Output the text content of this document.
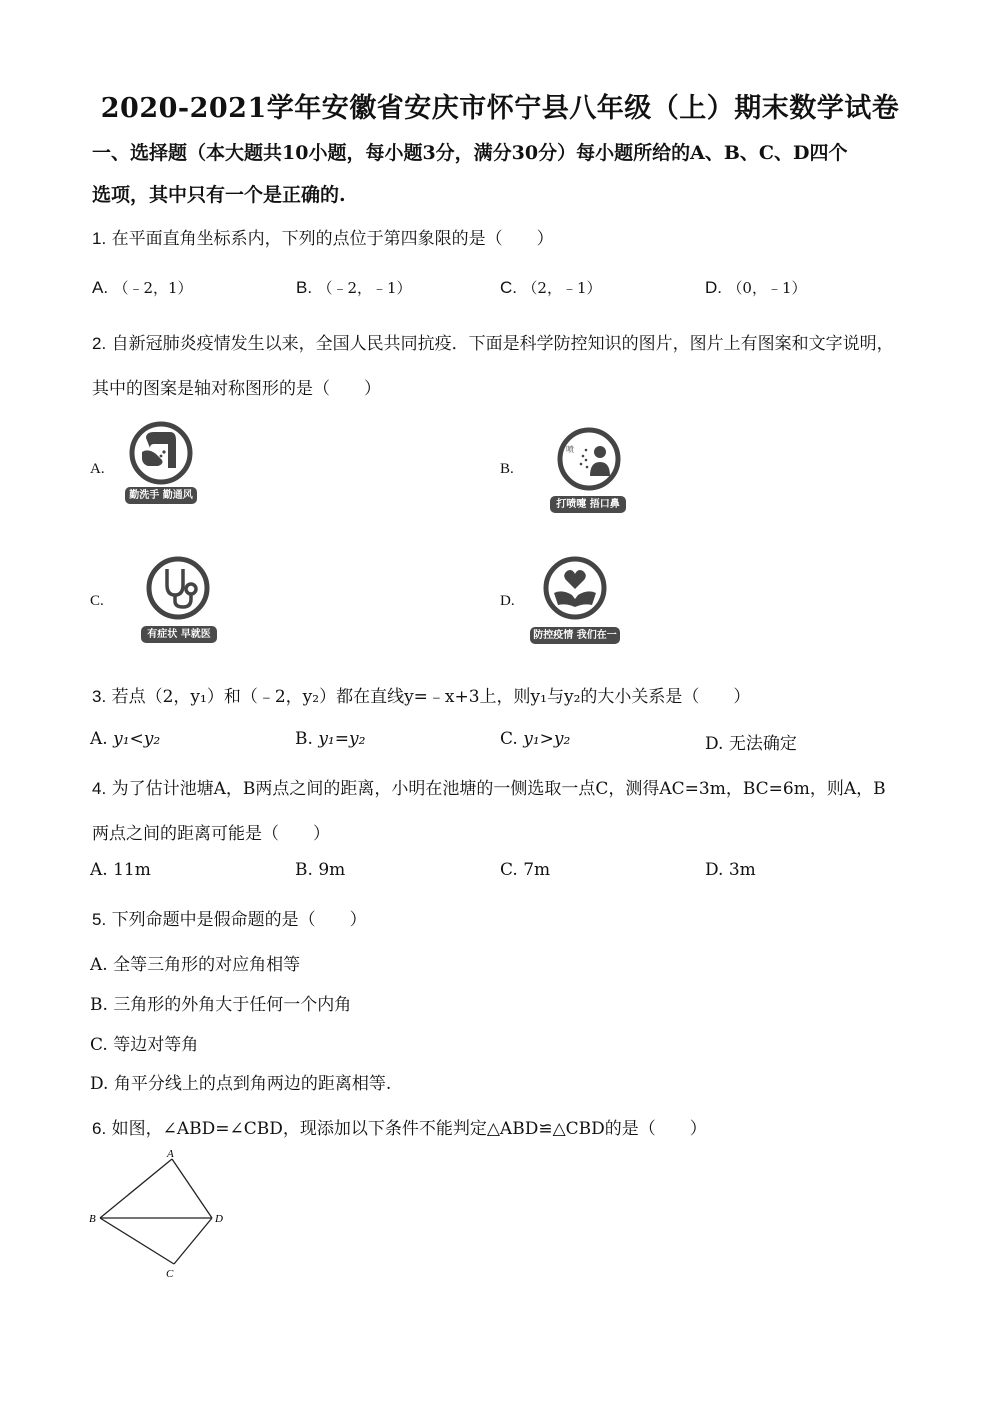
2020-2021学年安徽省安庆市怀宁县八年级（上）期末数学试卷
一、选择题（本大题共10小题，每小题3分，满分30分）每小题所给的A、B、C、D四个
选项，其中只有一个是正确的.
1. 在平面直角坐标系内，下列的点位于第四象限的是（　　）
A. （﹣2，1）	B. （﹣2，﹣1）	C. （2，﹣1）	D. （0，﹣1）
2. 自新冠肺炎疫情发生以来，全国人民共同抗疫．下面是科学防控知识的图片，图片上有图案和文字说明，
其中的图案是轴对称图形的是（　　）
A.
勤洗手 勤通风
B.
喷
打喷嚏 捂口鼻
C.
有症状 早就医
D.
防控疫情 我们在一起
3. 若点（2，y₁）和（﹣2，y₂）都在直线y=﹣x+3上，则y₁与y₂的大小关系是（　　）
A. y₁<y₂	B. y₁=y₂	C. y₁>y₂	D. 无法确定
4. 为了估计池塘A，B两点之间的距离，小明在池塘的一侧选取一点C，测得AC=3m，BC=6m，则A，B
两点之间的距离可能是（　　）
A. 11m	B. 9m	C. 7m	D. 3m
5. 下列命题中是假命题的是（　　）
A. 全等三角形的对应角相等
B. 三角形的外角大于任何一个内角
C. 等边对等角
D. 角平分线上的点到角两边的距离相等.
6. 如图，∠ABD=∠CBD，现添加以下条件不能判定△ABD≌△CBD的是（　　）
A
B	D
C
